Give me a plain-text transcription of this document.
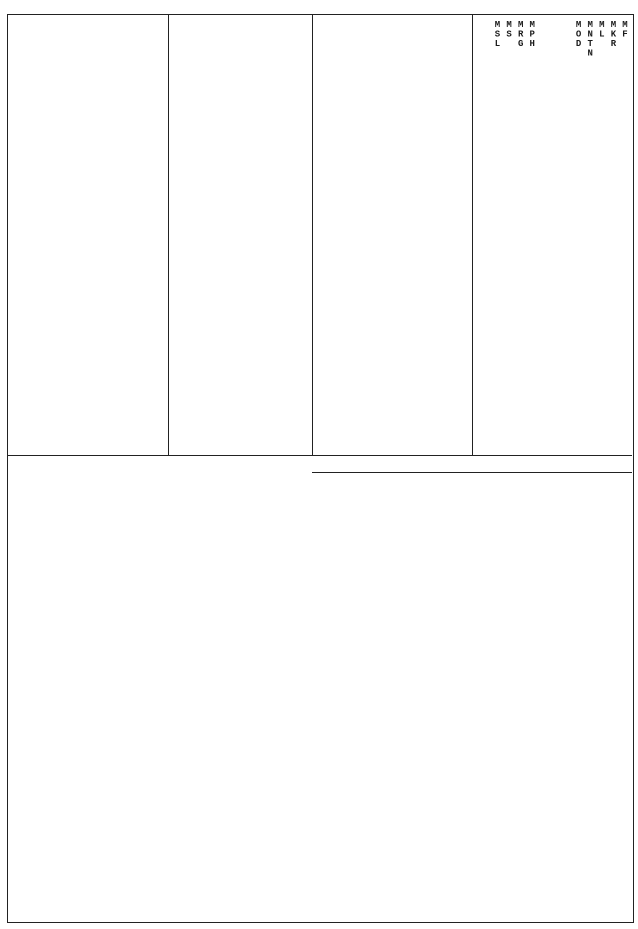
MF
MKR
ML
MNTN
MOD
MPH
MRG
MS
MSL
